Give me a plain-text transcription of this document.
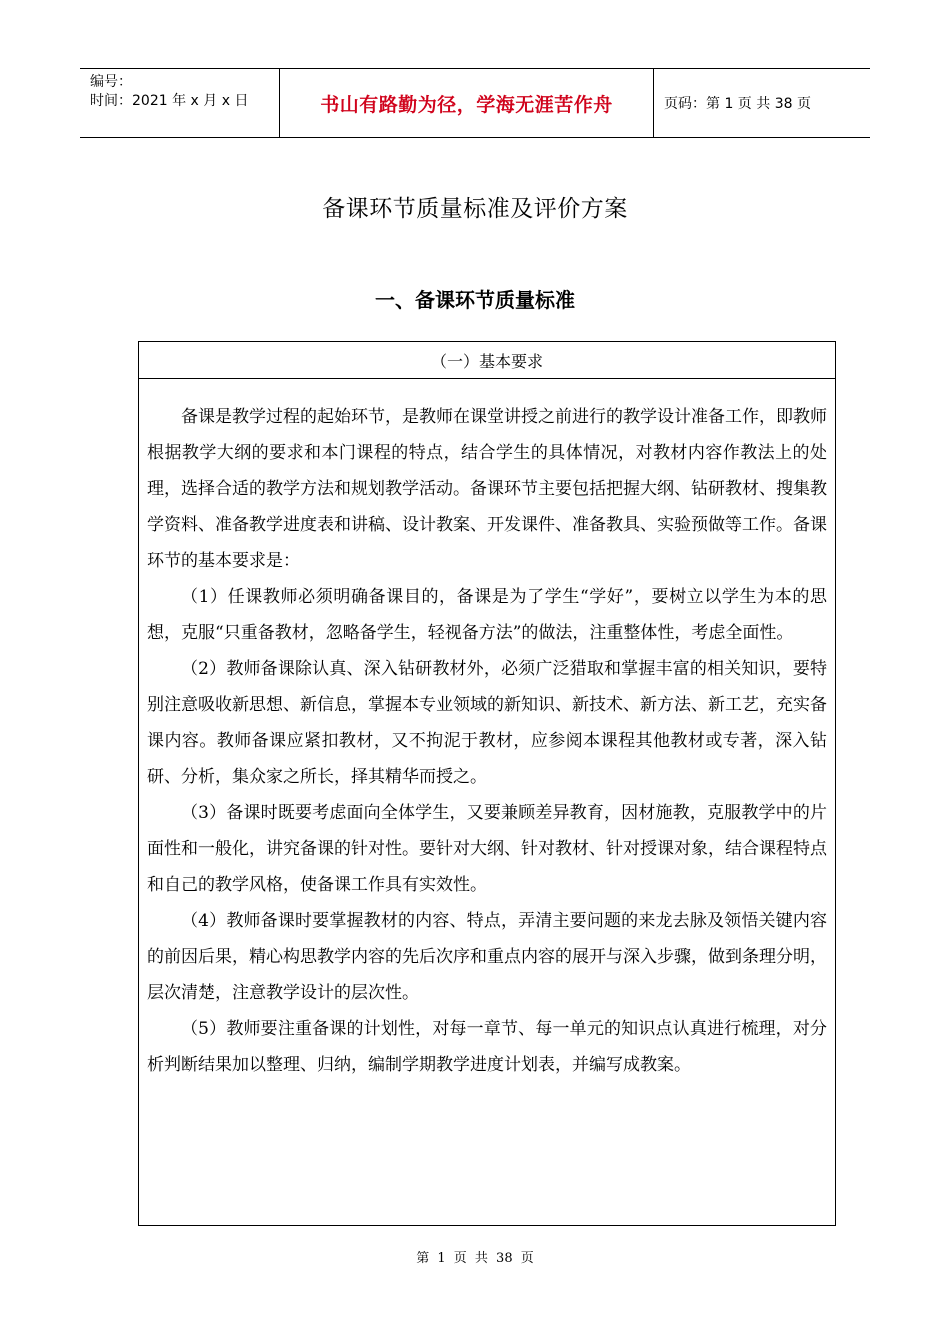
编号：
时间：2021 年 x 月 x 日	书山有路勤为径，学海无涯苦作舟	页码：第 1 页 共 38 页
备课环节质量标准及评价方案
一、备课环节质量标准
（一）基本要求

备课是教学过程的起始环节，是教师在课堂讲授之前进行的教学设计准备工作，即教师根据教学大纲的要求和本门课程的特点，结合学生的具体情况，对教材内容作教法上的处理，选择合适的教学方法和规划教学活动。备课环节主要包括把握大纲、钻研教材、搜集教学资料、准备教学进度表和讲稿、设计教案、开发课件、准备教具、实验预做等工作。备课环节的基本要求是：

（1）任课教师必须明确备课目的，备课是为了学生“学好”，要树立以学生为本的思想，克服“只重备教材，忽略备学生，轻视备方法”的做法，注重整体性，考虑全面性。

（2）教师备课除认真、深入钻研教材外，必须广泛猎取和掌握丰富的相关知识，要特别注意吸收新思想、新信息，掌握本专业领域的新知识、新技术、新方法、新工艺，充实备课内容。教师备课应紧扣教材，又不拘泥于教材，应参阅本课程其他教材或专著，深入钻研、分析，集众家之所长，择其精华而授之。

（3）备课时既要考虑面向全体学生，又要兼顾差异教育，因材施教，克服教学中的片面性和一般化，讲究备课的针对性。要针对大纲、针对教材、针对授课对象，结合课程特点和自己的教学风格，使备课工作具有实效性。

（4）教师备课时要掌握教材的内容、特点，弄清主要问题的来龙去脉及领悟关键内容的前因后果，精心构思教学内容的先后次序和重点内容的展开与深入步骤，做到条理分明，层次清楚，注意教学设计的层次性。

（5）教师要注重备课的计划性，对每一章节、每一单元的知识点认真进行梳理，对分析判断结果加以整理、归纳，编制学期教学进度计划表，并编写成教案。

第 1 页 共 38 页
